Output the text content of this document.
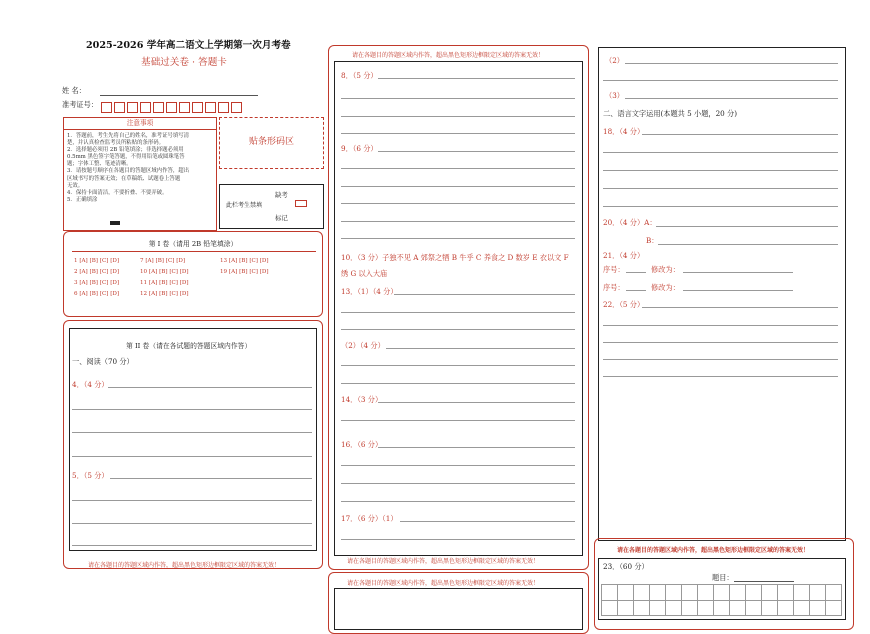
2025-2026 学年高二语文上学期第一次月考卷
基础过关卷 · 答题卡
姓 名：
准考证号：
注意事项
1．答题前，考生先将自己的姓名，准考证号填写清
楚，并认真检查监考员所粘贴的条形码。
2．选择题必须用 2B 铅笔填涂；非选择题必须用
0.5mm 黑色签字笔答题，不得用铅笔或圆珠笔答
题；字体工整、笔迹清晰。
3．请按题号顺序在各题目的答题区域内作答，超出
区域书写的答案无效；在草稿纸、试题卷上答题
无效。
4．保持卡面清洁，不要折叠、不要弄破。
5．正确填涂
贴条形码区
此栏考生禁填
缺考
标记
第 I 卷（请用 2B 铅笔填涂）
1 [A] [B] [C] [D]	7 [A] [B] [C] [D]	13 [A] [B] [C] [D]
2 [A] [B] [C] [D]	10 [A] [B] [C] [D]	19 [A] [B] [C] [D]
3 [A] [B] [C] [D]	11 [A] [B] [C] [D]
6 [A] [B] [C] [D]	12 [A] [B] [C] [D]
第 II 卷（请在各试题的答题区域内作答）
一、阅读（70 分）
4．（4 分）
5．（5 分）
请在各题目的答题区域内作答，超出黑色矩形边框限定区域的答案无效！
请在各题目的答题区域内作答，超出黑色矩形边框限定区域的答案无效！
8．（5 分）
9．（6 分）
10．（3 分）子独不见 A 郊祭之牺 B 牛乎 C 养食之 D 数岁 E 衣以文 F
绣 G 以入大庙
13．（1）（4 分）
（2）（4 分）
14．（3 分）
16．（6 分）
17．（6 分）（1）
请在各题目的答题区域内作答，超出黑色矩形边框限定区域的答案无效！
请在各题目的答题区域内作答，超出黑色矩形边框限定区域的答案无效！
（2）
（3）
二、语言文字运用(本题共 5 小题，20 分)
18．（4 分）
20．（4 分）A：
B：
21．（4 分）
序号：	修改为：
序号：	修改为：
22．（5 分）
请在各题目的答题区域内作答，超出黑色矩形边框限定区域的答案无效！
23．（60 分）
题目：
